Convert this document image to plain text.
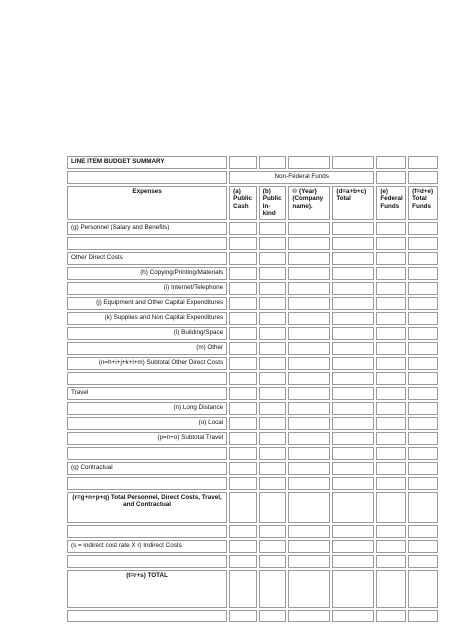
LINE ITEM BUDGET SUMMARY						
	Non-Federal Funds					
Expenses	(a) Public Cash	(b) Public In-kind	© {Year} (Company name).	(d=a+b+c) Total	(e) Federal Funds	(f=d+e) Total Funds
(g) Personnel (Salary and Benefits)						

Other Direct Costs						
(h) Copying/Printing/Materials						
(i) Internet/Telephone						
(j) Equipment and Other Capital Expenditures						
(k) Supplies and Non Capital Expenditures						
(l) Building/Space						
(m) Other						
(n=h+i+j+k+l+m) Subtotal Other Direct Costs						

Travel						
(n) Long Distance						
(o) Local						
(p=n+o) Subtotal Travel						

(q) Contractual						

(r=g+n+p+q) Total Personnel, Direct Costs, Travel, and Contractual						

(s = indirect cost rate X r) Indirect Costs						

(t=r+s) TOTAL						
